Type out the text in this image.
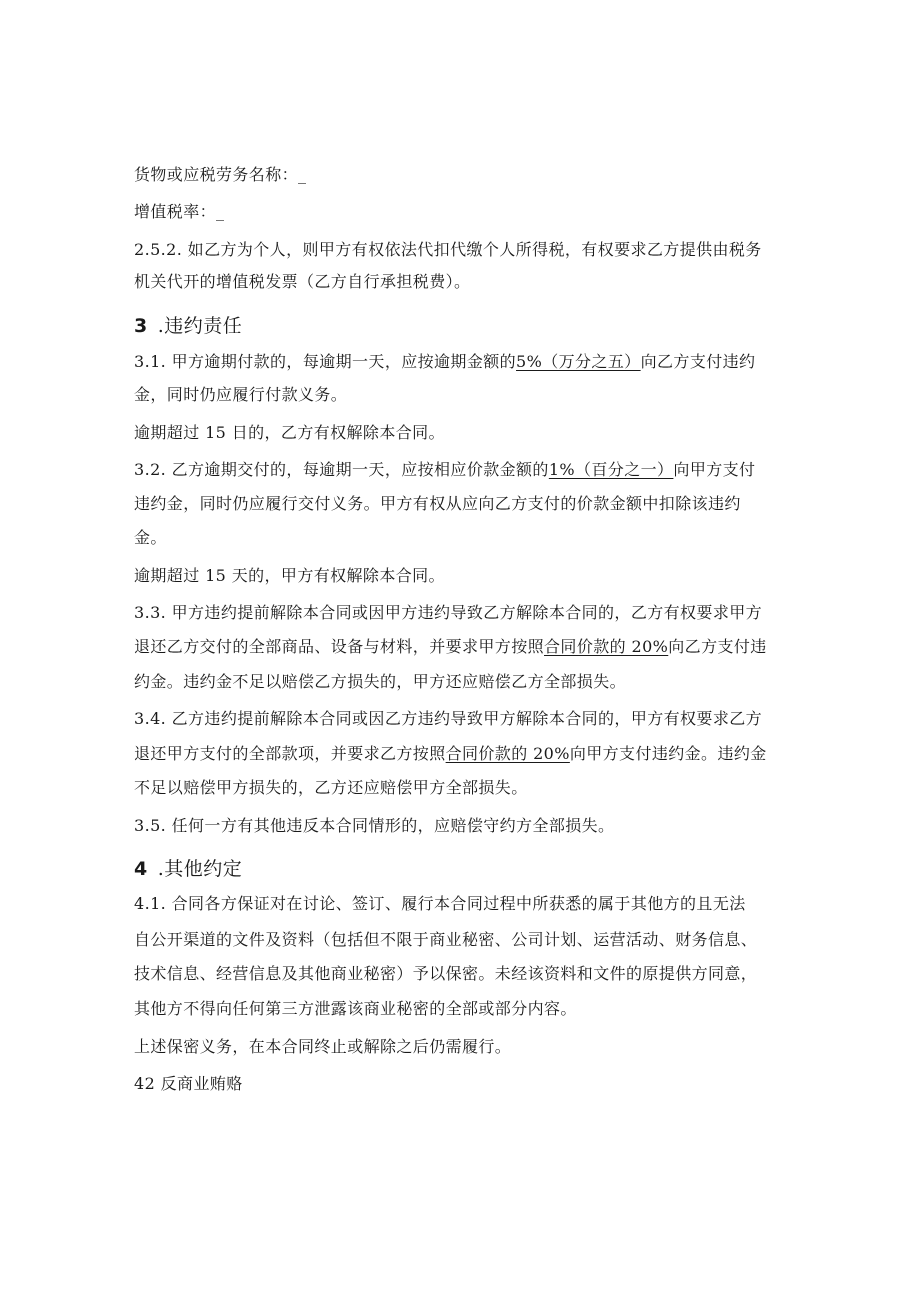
货物或应税劳务名称：_
增值税率：_
2.5.2. 如乙方为个人，则甲方有权依法代扣代缴个人所得税，有权要求乙方提供由税务
机关代开的增值税发票（乙方自行承担税费）。
3 .违约责任
3.1. 甲方逾期付款的，每逾期一天，应按逾期金额的5%（万分之五）向乙方支付违约
金，同时仍应履行付款义务。
逾期超过 15 日的，乙方有权解除本合同。
3.2. 乙方逾期交付的，每逾期一天，应按相应价款金额的1%（百分之一）向甲方支付
违约金，同时仍应履行交付义务。甲方有权从应向乙方支付的价款金额中扣除该违约
金。
逾期超过 15 天的，甲方有权解除本合同。
3.3. 甲方违约提前解除本合同或因甲方违约导致乙方解除本合同的，乙方有权要求甲方
退还乙方交付的全部商品、设备与材料，并要求甲方按照合同价款的 20%向乙方支付违
约金。违约金不足以赔偿乙方损失的，甲方还应赔偿乙方全部损失。
3.4. 乙方违约提前解除本合同或因乙方违约导致甲方解除本合同的，甲方有权要求乙方
退还甲方支付的全部款项，并要求乙方按照合同价款的 20%向甲方支付违约金。违约金
不足以赔偿甲方损失的，乙方还应赔偿甲方全部损失。
3.5. 任何一方有其他违反本合同情形的，应赔偿守约方全部损失。
4 .其他约定
4.1. 合同各方保证对在讨论、签订、履行本合同过程中所获悉的属于其他方的且无法
自公开渠道的文件及资料（包括但不限于商业秘密、公司计划、运营活动、财务信息、
技术信息、经营信息及其他商业秘密）予以保密。未经该资料和文件的原提供方同意，
其他方不得向任何第三方泄露该商业秘密的全部或部分内容。
上述保密义务，在本合同终止或解除之后仍需履行。
42 反商业贿赂
